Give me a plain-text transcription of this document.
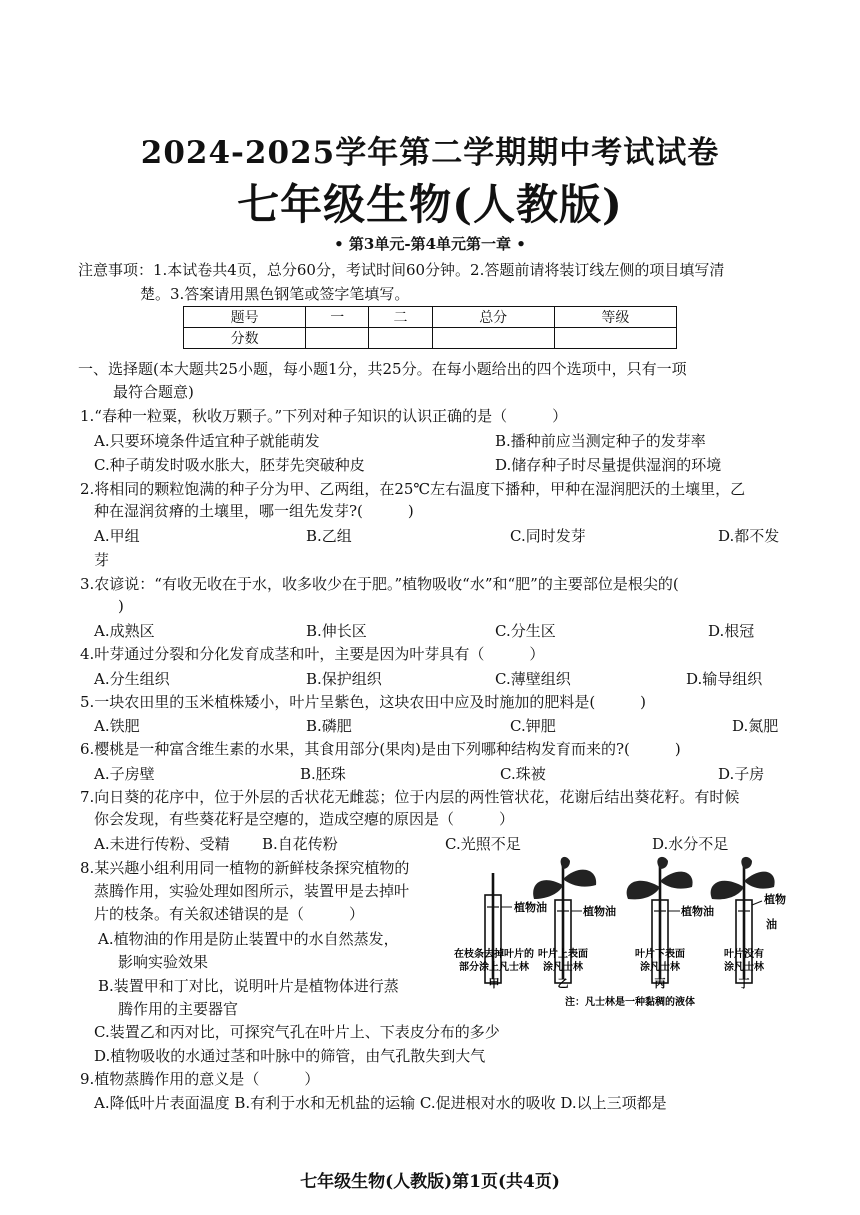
2024-2025学年第二学期期中考试试卷
七年级生物(人教版)
• 第3单元-第4单元第一章 •
注意事项：1.本试卷共4页，总分60分，考试时间60分钟。2.答题前请将装订线左侧的项目填写清
楚。3.答案请用黑色钢笔或签字笔填写。
题号	一	二	总分	等级
分数				
一、选择题(本大题共25小题，每小题1分，共25分。在每小题给出的四个选项中，只有一项
最符合题意)
1.“春种一粒粟，秋收万颗子。”下列对种子知识的认识正确的是（　　　）
A.只要环境条件适宜种子就能萌发	B.播种前应当测定种子的发芽率
C.种子萌发时吸水胀大，胚芽先突破种皮	D.储存种子时尽量提供湿润的环境
2.将相同的颗粒饱满的种子分为甲、乙两组，在25℃左右温度下播种，甲种在湿润肥沃的土壤里，乙
种在湿润贫瘠的土壤里，哪一组先发芽?(　　　)
A.甲组	B.乙组	C.同时发芽	D.都不发
芽
3.农谚说：“有收无收在于水，收多收少在于肥。”植物吸收“水”和“肥”的主要部位是根尖的(
)
A.成熟区	B.伸长区	C.分生区	D.根冠
4.叶芽通过分裂和分化发育成茎和叶，主要是因为叶芽具有（　　　）
A.分生组织	B.保护组织	C.薄壁组织	D.输导组织
5.一块农田里的玉米植株矮小，叶片呈紫色，这块农田中应及时施加的肥料是(　　　)
A.铁肥	B.磷肥	C.钾肥	D.氮肥
6.樱桃是一种富含维生素的水果，其食用部分(果肉)是由下列哪种结构发育而来的?(　　　)
A.子房壁	B.胚珠	C.珠被	D.子房
7.向日葵的花序中，位于外层的舌状花无雌蕊；位于内层的两性管状花，花谢后结出葵花籽。有时候
你会发现，有些葵花籽是空瘪的，造成空瘪的原因是（　　　）
A.未进行传粉、受精 B.自花传粉	C.光照不足	D.水分不足
8.某兴趣小组利用同一植物的新鲜枝条探究植物的
蒸腾作用，实验处理如图所示，装置甲是去掉叶
片的枝条。有关叙述错误的是（　　　）
A.植物油的作用是防止装置中的水自然蒸发，
影响实验效果
B.装置甲和丁对比，说明叶片是植物体进行蒸
腾作用的主要器官
C.装置乙和丙对比，可探究气孔在叶片上、下表皮分布的多少
D.植物吸收的水通过茎和叶脉中的筛管，由气孔散失到大气
9.植物蒸腾作用的意义是（　　　）
A.降低叶片表面温度 B.有利于水和无机盐的运输 C.促进根对水的吸收 D.以上三项都是
植物油	植物油	植物油
植物
油
在枝条去掉叶片的
部分涂上凡士林
甲
叶片上表面
涂凡士林
乙
叶片下表面
涂凡士林
丙
叶片没有
涂凡士林
丁
注：凡士林是一种黏稠的液体
七年级生物(人教版)第1页(共4页)
